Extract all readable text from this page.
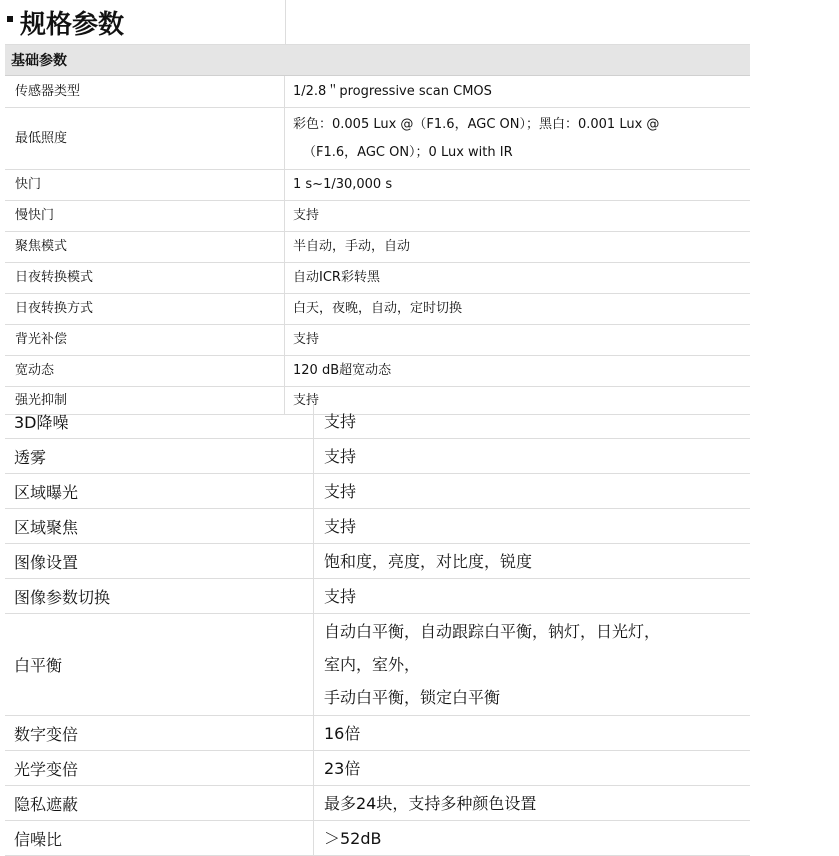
规格参数
基础参数
传感器类型	1/2.8＂progressive scan CMOS
最低照度
彩色：0.005 Lux @（F1.6，AGC ON）；黑白：0.001 Lux @
（F1.6，AGC ON）；0 Lux with IR
快门	1 s~1/30,000 s
慢快门	支持
聚焦模式	半自动，手动，自动
日夜转换模式	自动ICR彩转黑
日夜转换方式	白天，夜晚，自动，定时切换
背光补偿	支持
宽动态	120 dB超宽动态
强光抑制	支持
3D降噪	支持
透雾	支持
区域曝光	支持
区域聚焦	支持
图像设置	饱和度，亮度，对比度，锐度
图像参数切换	支持
白平衡
自动白平衡，自动跟踪白平衡，钠灯，日光灯，
室内，室外，
手动白平衡，锁定白平衡
数字变倍	16倍
光学变倍	23倍
隐私遮蔽	最多24块，支持多种颜色设置
信噪比	＞52dB
